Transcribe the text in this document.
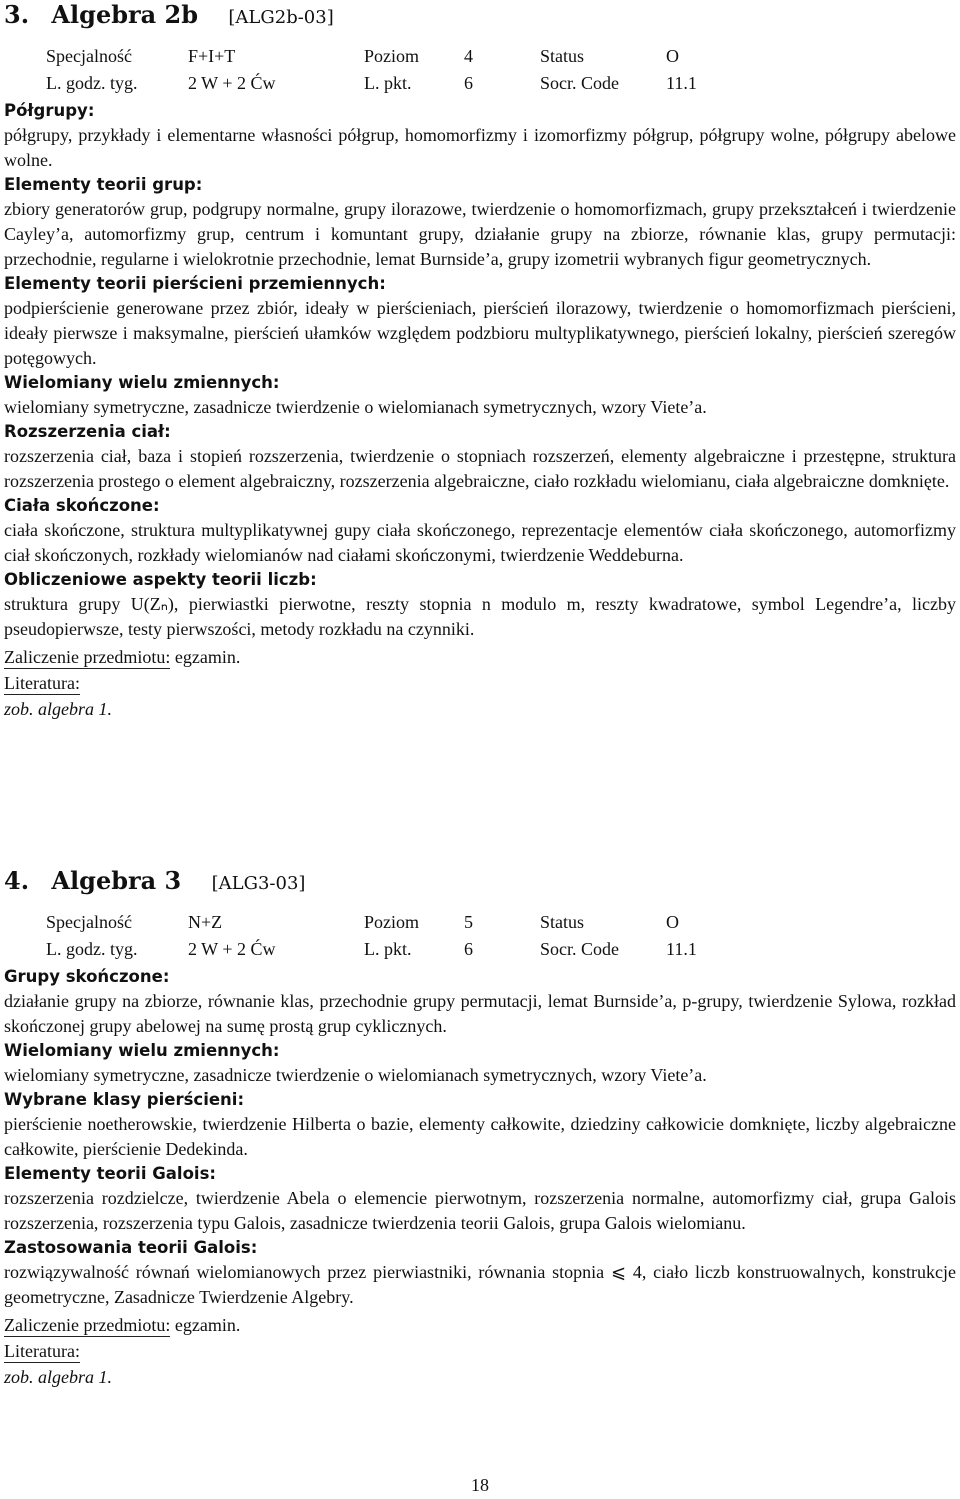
3. Algebra 2b [ALG2b-03]
Specjalność	F+I+T	Poziom	4	Status	O
L. godz. tyg.	2 W + 2 Ćw	L. pkt.	6	Socr. Code	11.1

Półgrupy:

półgrupy, przykłady i elementarne własności półgrup, homomorfizmy i izomorfizmy półgrup, półgrupy wolne, półgrupy abelowe wolne.

Elementy teorii grup:

zbiory generatorów grup, podgrupy normalne, grupy ilorazowe, twierdzenie o homomorfizmach, grupy przekształceń i twierdzenie Cayley’a, automorfizmy grup, centrum i komuntant grupy, działanie grupy na zbiorze, równanie klas, grupy permutacji: przechodnie, regularne i wielokrotnie przechodnie, lemat Burnside’a, grupy izometrii wybranych figur geometrycznych.

Elementy teorii pierścieni przemiennych:

podpierścienie generowane przez zbiór, ideały w pierścieniach, pierścień ilorazowy, twierdzenie o homomorfizmach pierścieni, ideały pierwsze i maksymalne, pierścień ułamków względem podzbioru multyplikatywnego, pierścień lokalny, pierścień szeregów potęgowych.

Wielomiany wielu zmiennych:

wielomiany symetryczne, zasadnicze twierdzenie o wielomianach symetrycznych, wzory Viete’a.

Rozszerzenia ciał:

rozszerzenia ciał, baza i stopień rozszerzenia, twierdzenie o stopniach rozszerzeń, elementy algebraiczne i przestępne, struktura rozszerzenia prostego o element algebraiczny, rozszerzenia algebraiczne, ciało rozkładu wielomianu, ciała algebraiczne domknięte.

Ciała skończone:

ciała skończone, struktura multyplikatywnej gupy ciała skończonego, reprezentacje elementów ciała skończonego, automorfizmy ciał skończonych, rozkłady wielomianów nad ciałami skończonymi, twierdzenie Weddeburna.

Obliczeniowe aspekty teorii liczb:

struktura grupy U(Zₙ), pierwiastki pierwotne, reszty stopnia n modulo m, reszty kwadratowe, symbol Legendre’a, liczby pseudopierwsze, testy pierwszości, metody rozkładu na czynniki.

Zaliczenie przedmiotu: egzamin.

Literatura:

zob. algebra 1.

4. Algebra 3 [ALG3-03]
Specjalność	N+Z	Poziom	5	Status	O
L. godz. tyg.	2 W + 2 Ćw	L. pkt.	6	Socr. Code	11.1

Grupy skończone:

działanie grupy na zbiorze, równanie klas, przechodnie grupy permutacji, lemat Burnside’a, p-grupy, twierdzenie Sylowa, rozkład skończonej grupy abelowej na sumę prostą grup cyklicznych.

Wielomiany wielu zmiennych:

wielomiany symetryczne, zasadnicze twierdzenie o wielomianach symetrycznych, wzory Viete’a.

Wybrane klasy pierścieni:

pierścienie noetherowskie, twierdzenie Hilberta o bazie, elementy całkowite, dziedziny całkowicie domknięte, liczby algebraiczne całkowite, pierścienie Dedekinda.

Elementy teorii Galois:

rozszerzenia rozdzielcze, twierdzenie Abela o elemencie pierwotnym, rozszerzenia normalne, automorfizmy ciał, grupa Galois rozszerzenia, rozszerzenia typu Galois, zasadnicze twierdzenia teorii Galois, grupa Galois wielomianu.

Zastosowania teorii Galois:

rozwiązywalność równań wielomianowych przez pierwiastniki, równania stopnia ⩽ 4, ciało liczb konstruowalnych, konstrukcje geometryczne, Zasadnicze Twierdzenie Algebry.

Zaliczenie przedmiotu: egzamin.

Literatura:

zob. algebra 1.

18
